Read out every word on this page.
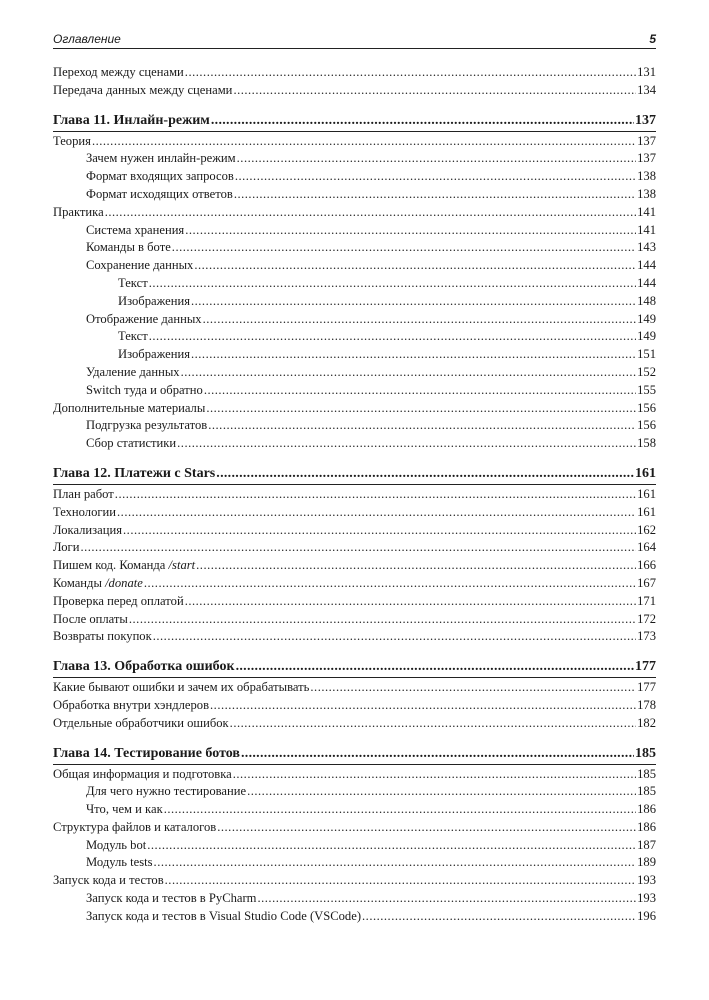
Оглавление	5
Переход между сценами .....	131
Передача данных между сценами .....	134
Глава 11. Инлайн-режим .....	137
Теория .....	137
Зачем нужен инлайн-режим .....	137
Формат входящих запросов .....	138
Формат исходящих ответов .....	138
Практика .....	141
Система хранения .....	141
Команды в боте .....	143
Сохранение данных .....	144
Текст .....	144
Изображения .....	148
Отображение данных .....	149
Текст .....	149
Изображения .....	151
Удаление данных .....	152
Switch туда и обратно .....	155
Дополнительные материалы .....	156
Подгрузка результатов .....	156
Сбор статистики .....	158
Глава 12. Платежи с Stars .....	161
План работ .....	161
Технологии .....	161
Локализация .....	162
Логи .....	164
Пишем код. Команда /start .....	166
Команды /donate .....	167
Проверка перед оплатой .....	171
После оплаты .....	172
Возвраты покупок .....	173
Глава 13. Обработка ошибок .....	177
Какие бывают ошибки и зачем их обрабатывать .....	177
Обработка внутри хэндлеров .....	178
Отдельные обработчики ошибок .....	182
Глава 14. Тестирование ботов .....	185
Общая информация и подготовка .....	185
Для чего нужно тестирование .....	185
Что, чем и как .....	186
Структура файлов и каталогов .....	186
Модуль bot .....	187
Модуль tests .....	189
Запуск кода и тестов .....	193
Запуск кода и тестов в PyCharm .....	193
Запуск кода и тестов в Visual Studio Code (VSCode) .....	196
